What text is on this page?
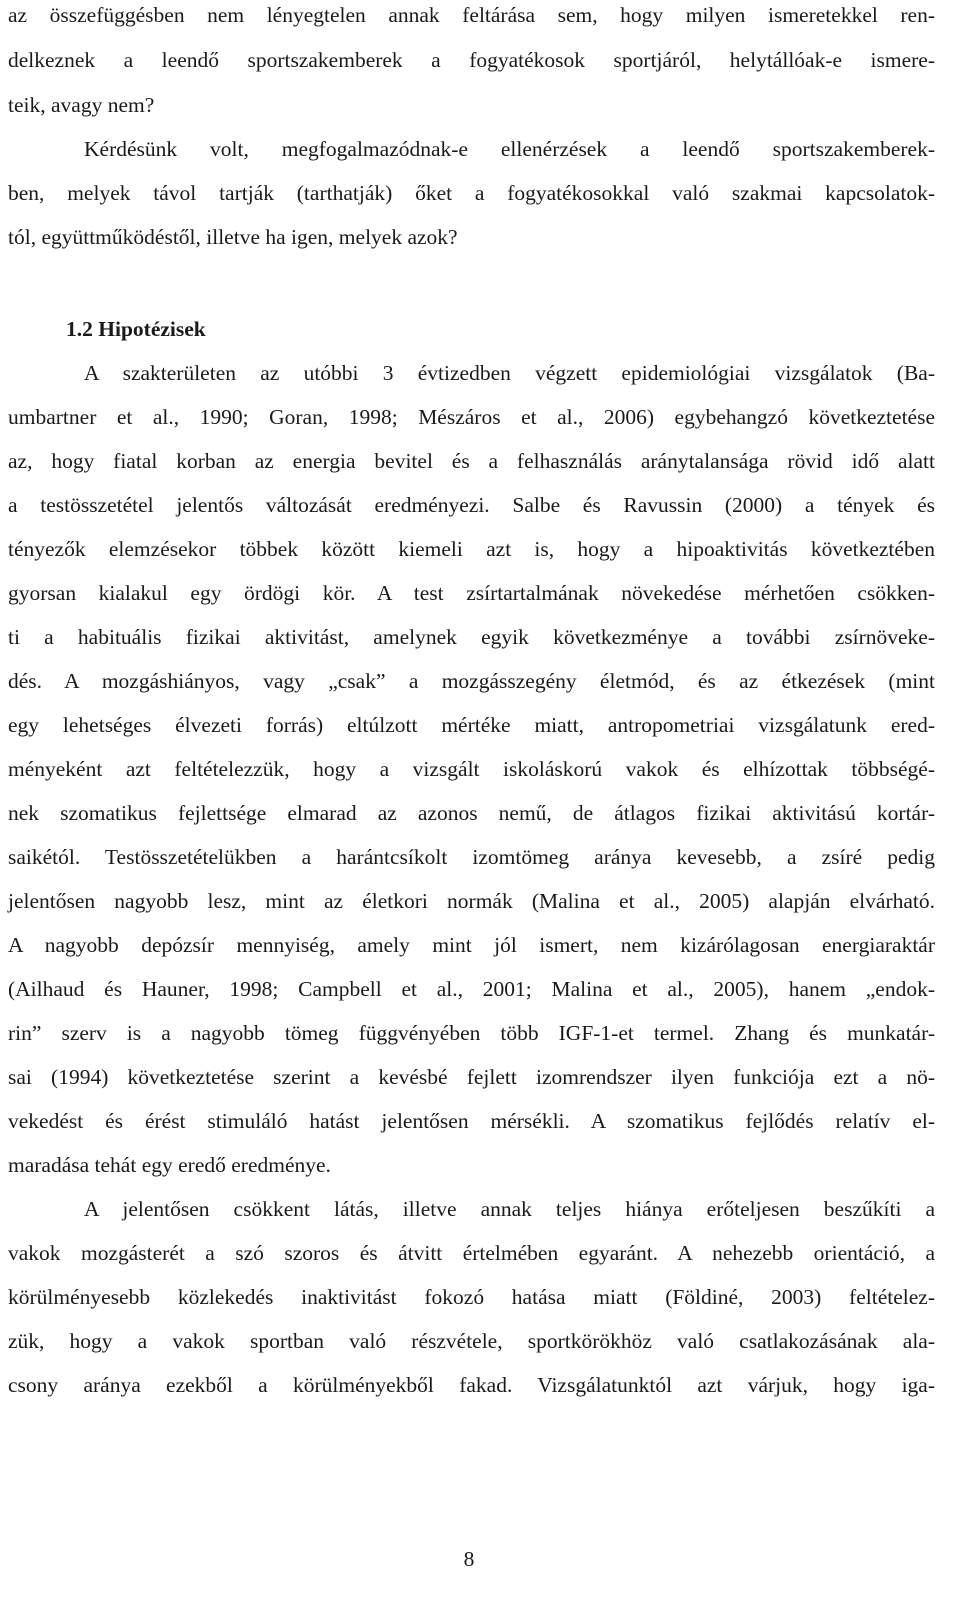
az összefüggésben nem lényegtelen annak feltárása sem, hogy milyen ismeretekkel ren-
delkeznek a leendő sportszakemberek a fogyatékosok sportjáról, helytállóak-e ismere-
teik, avagy nem?
Kérdésünk volt, megfogalmazódnak-e ellenérzések a leendő sportszakemberek-
ben, melyek távol tartják (tarthatják) őket a fogyatékosokkal való szakmai kapcsolatok-
tól, együttműködéstől, illetve ha igen, melyek azok?
1.2 Hipotézisek
A szakterületen az utóbbi 3 évtizedben végzett epidemiológiai vizsgálatok (Ba-
umbartner et al., 1990; Goran, 1998; Mészáros et al., 2006) egybehangzó következtetése
az, hogy fiatal korban az energia bevitel és a felhasználás aránytalansága rövid idő alatt
a testösszetétel jelentős változását eredményezi. Salbe és Ravussin (2000) a tények és
tényezők elemzésekor többek között kiemeli azt is, hogy a hipoaktivitás következtében
gyorsan kialakul egy ördögi kör. A test zsírtartalmának növekedése mérhetően csökken-
ti a habituális fizikai aktivitást, amelynek egyik következménye a további zsírnöveke-
dés. A mozgáshiányos, vagy „csak” a mozgásszegény életmód, és az étkezések (mint
egy lehetséges élvezeti forrás) eltúlzott mértéke miatt, antropometriai vizsgálatunk ered-
ményeként azt feltételezzük, hogy a vizsgált iskoláskorú vakok és elhízottak többségé-
nek szomatikus fejlettsége elmarad az azonos nemű, de átlagos fizikai aktivitású kortár-
saikétól. Testösszetételükben a harántcsíkolt izomtömeg aránya kevesebb, a zsíré pedig
jelentősen nagyobb lesz, mint az életkori normák (Malina et al., 2005) alapján elvárható.
A nagyobb depózsír mennyiség, amely mint jól ismert, nem kizárólagosan energiaraktár
(Ailhaud és Hauner, 1998; Campbell et al., 2001; Malina et al., 2005), hanem „endok-
rin” szerv is a nagyobb tömeg függvényében több IGF-1-et termel. Zhang és munkatár-
sai (1994) következtetése szerint a kevésbé fejlett izomrendszer ilyen funkciója ezt a nö-
vekedést és érést stimuláló hatást jelentősen mérsékli. A szomatikus fejlődés relatív el-
maradása tehát egy eredő eredménye.
A jelentősen csökkent látás, illetve annak teljes hiánya erőteljesen beszűkíti a
vakok mozgásterét a szó szoros és átvitt értelmében egyaránt. A nehezebb orientáció, a
körülményesebb közlekedés inaktivitást fokozó hatása miatt (Földiné, 2003) feltételez-
zük, hogy a vakok sportban való részvétele, sportkörökhöz való csatlakozásának ala-
csony aránya ezekből a körülményekből fakad. Vizsgálatunktól azt várjuk, hogy iga-
8
